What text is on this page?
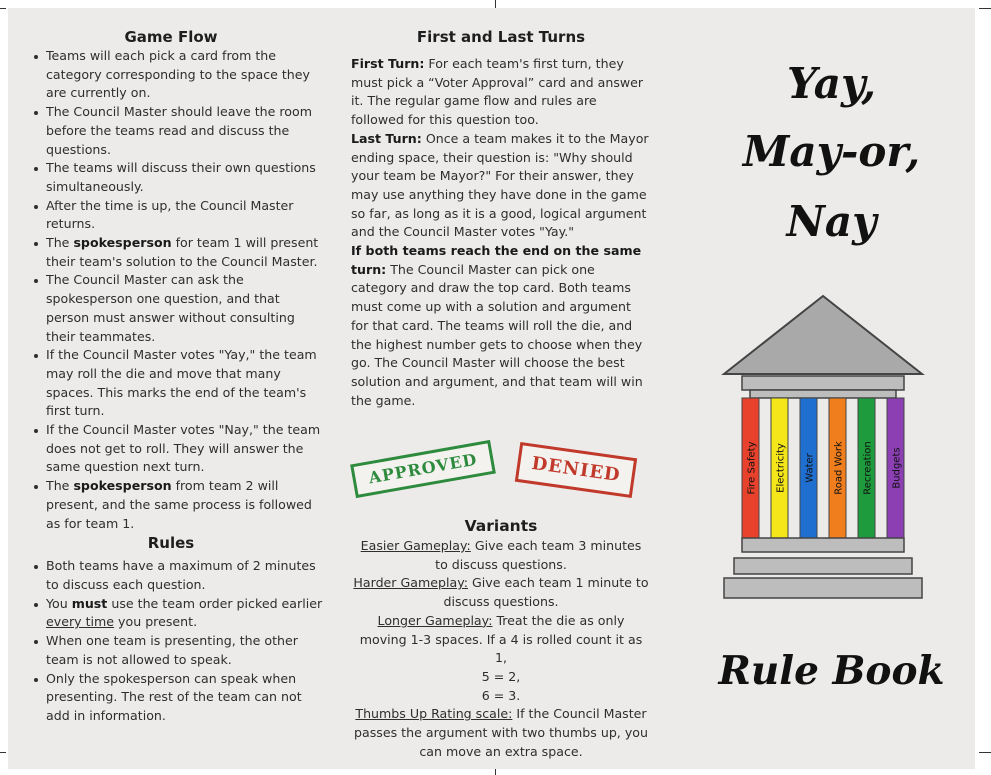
Game Flow
Teams will each pick a card from the category corresponding to the space they are currently on.
The Council Master should leave the room before the teams read and discuss the questions.
The teams will discuss their own questions simultaneously.
After the time is up, the Council Master returns.
The spokesperson for team 1 will present their team's solution to the Council Master.
The Council Master can ask the spokesperson one question, and that person must answer without consulting their teammates.
If the Council Master votes "Yay," the team may roll the die and move that many spaces. This marks the end of the team's first turn.
If the Council Master votes "Nay," the team does not get to roll. They will answer the same question next turn.
The spokesperson from team 2 will present, and the same process is followed as for team 1.
Rules
Both teams have a maximum of 2 minutes to discuss each question.
You must use the team order picked earlier every time you present.
When one team is presenting, the other team is not allowed to speak.
Only the spokesperson can speak when presenting. The rest of the team can not add in information.
First and Last Turns

First Turn: For each team's first turn, they must pick a “Voter Approval” card and answer it. The regular game flow and rules are followed for this question too.

Last Turn: Once a team makes it to the Mayor ending space, their question is: "Why should your team be Mayor?" For their answer, they may use anything they have done in the game so far, as long as it is a good, logical argument and the Council Master votes "Yay."

If both teams reach the end on the same turn: The Council Master can pick one category and draw the top card. Both teams must come up with a solution and argument for that card. The teams will roll the die, and the highest number gets to choose when they go. The Council Master will choose the best solution and argument, and that team will win the game.

Variants

Easier Gameplay: Give each team 3 minutes to discuss questions.

Harder Gameplay: Give each team 1 minute to discuss questions.

Longer Gameplay: Treat the die as only moving 1-3 spaces. If a 4 is rolled count it as 1,
5 = 2,
6 = 3.

Thumbs Up Rating scale: If the Council Master passes the argument with two thumbs up, you can move an extra space.

Yay,
May-or,
Nay
Fire Safety Electricity Water Road Work Recreation Budgets
Rule Book
APPROVED	DENIED
